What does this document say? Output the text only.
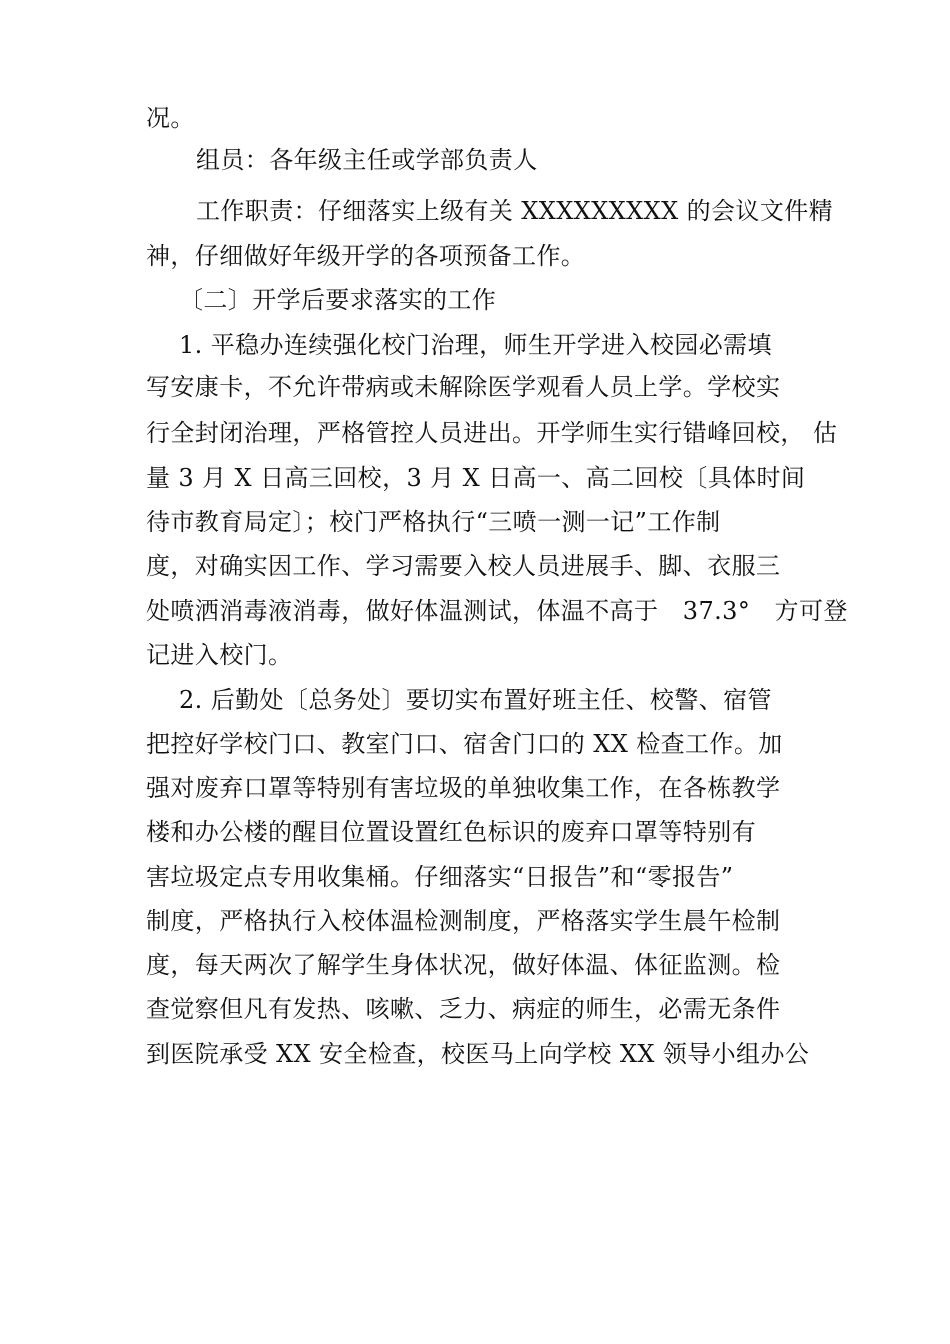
况。
组员：各年级主任或学部负责人
工作职责：仔细落实上级有关 XXXXXXXXX 的会议文件精
神，仔细做好年级开学的各项预备工作。
〔二〕开学后要求落实的工作
1. 平稳办连续强化校门治理，师生开学进入校园必需填
写安康卡，不允许带病或未解除医学观看人员上学。学校实
行全封闭治理，严格管控人员进出。开学师生实行错峰回校， 估
量 3 月 X 日高三回校，3 月 X 日高一、高二回校〔具体时间
待市教育局定〕；校门严格执行“三喷一测一记”工作制
度，对确实因工作、学习需要入校人员进展手、脚、衣服三
处喷洒消毒液消毒，做好体温测试，体温不高于　37.3°　方可登
记进入校门。
2. 后勤处〔总务处〕要切实布置好班主任、校警、宿管
把控好学校门口、教室门口、宿舍门口的 XX 检查工作。加
强对废弃口罩等特别有害垃圾的单独收集工作，在各栋教学
楼和办公楼的醒目位置设置红色标识的废弃口罩等特别有
害垃圾定点专用收集桶。仔细落实“日报告”和“零报告”
制度，严格执行入校体温检测制度，严格落实学生晨午检制
度，每天两次了解学生身体状况，做好体温、体征监测。检
查觉察但凡有发热、咳嗽、乏力、病症的师生，必需无条件
到医院承受 XX 安全检查，校医马上向学校 XX 领导小组办公
